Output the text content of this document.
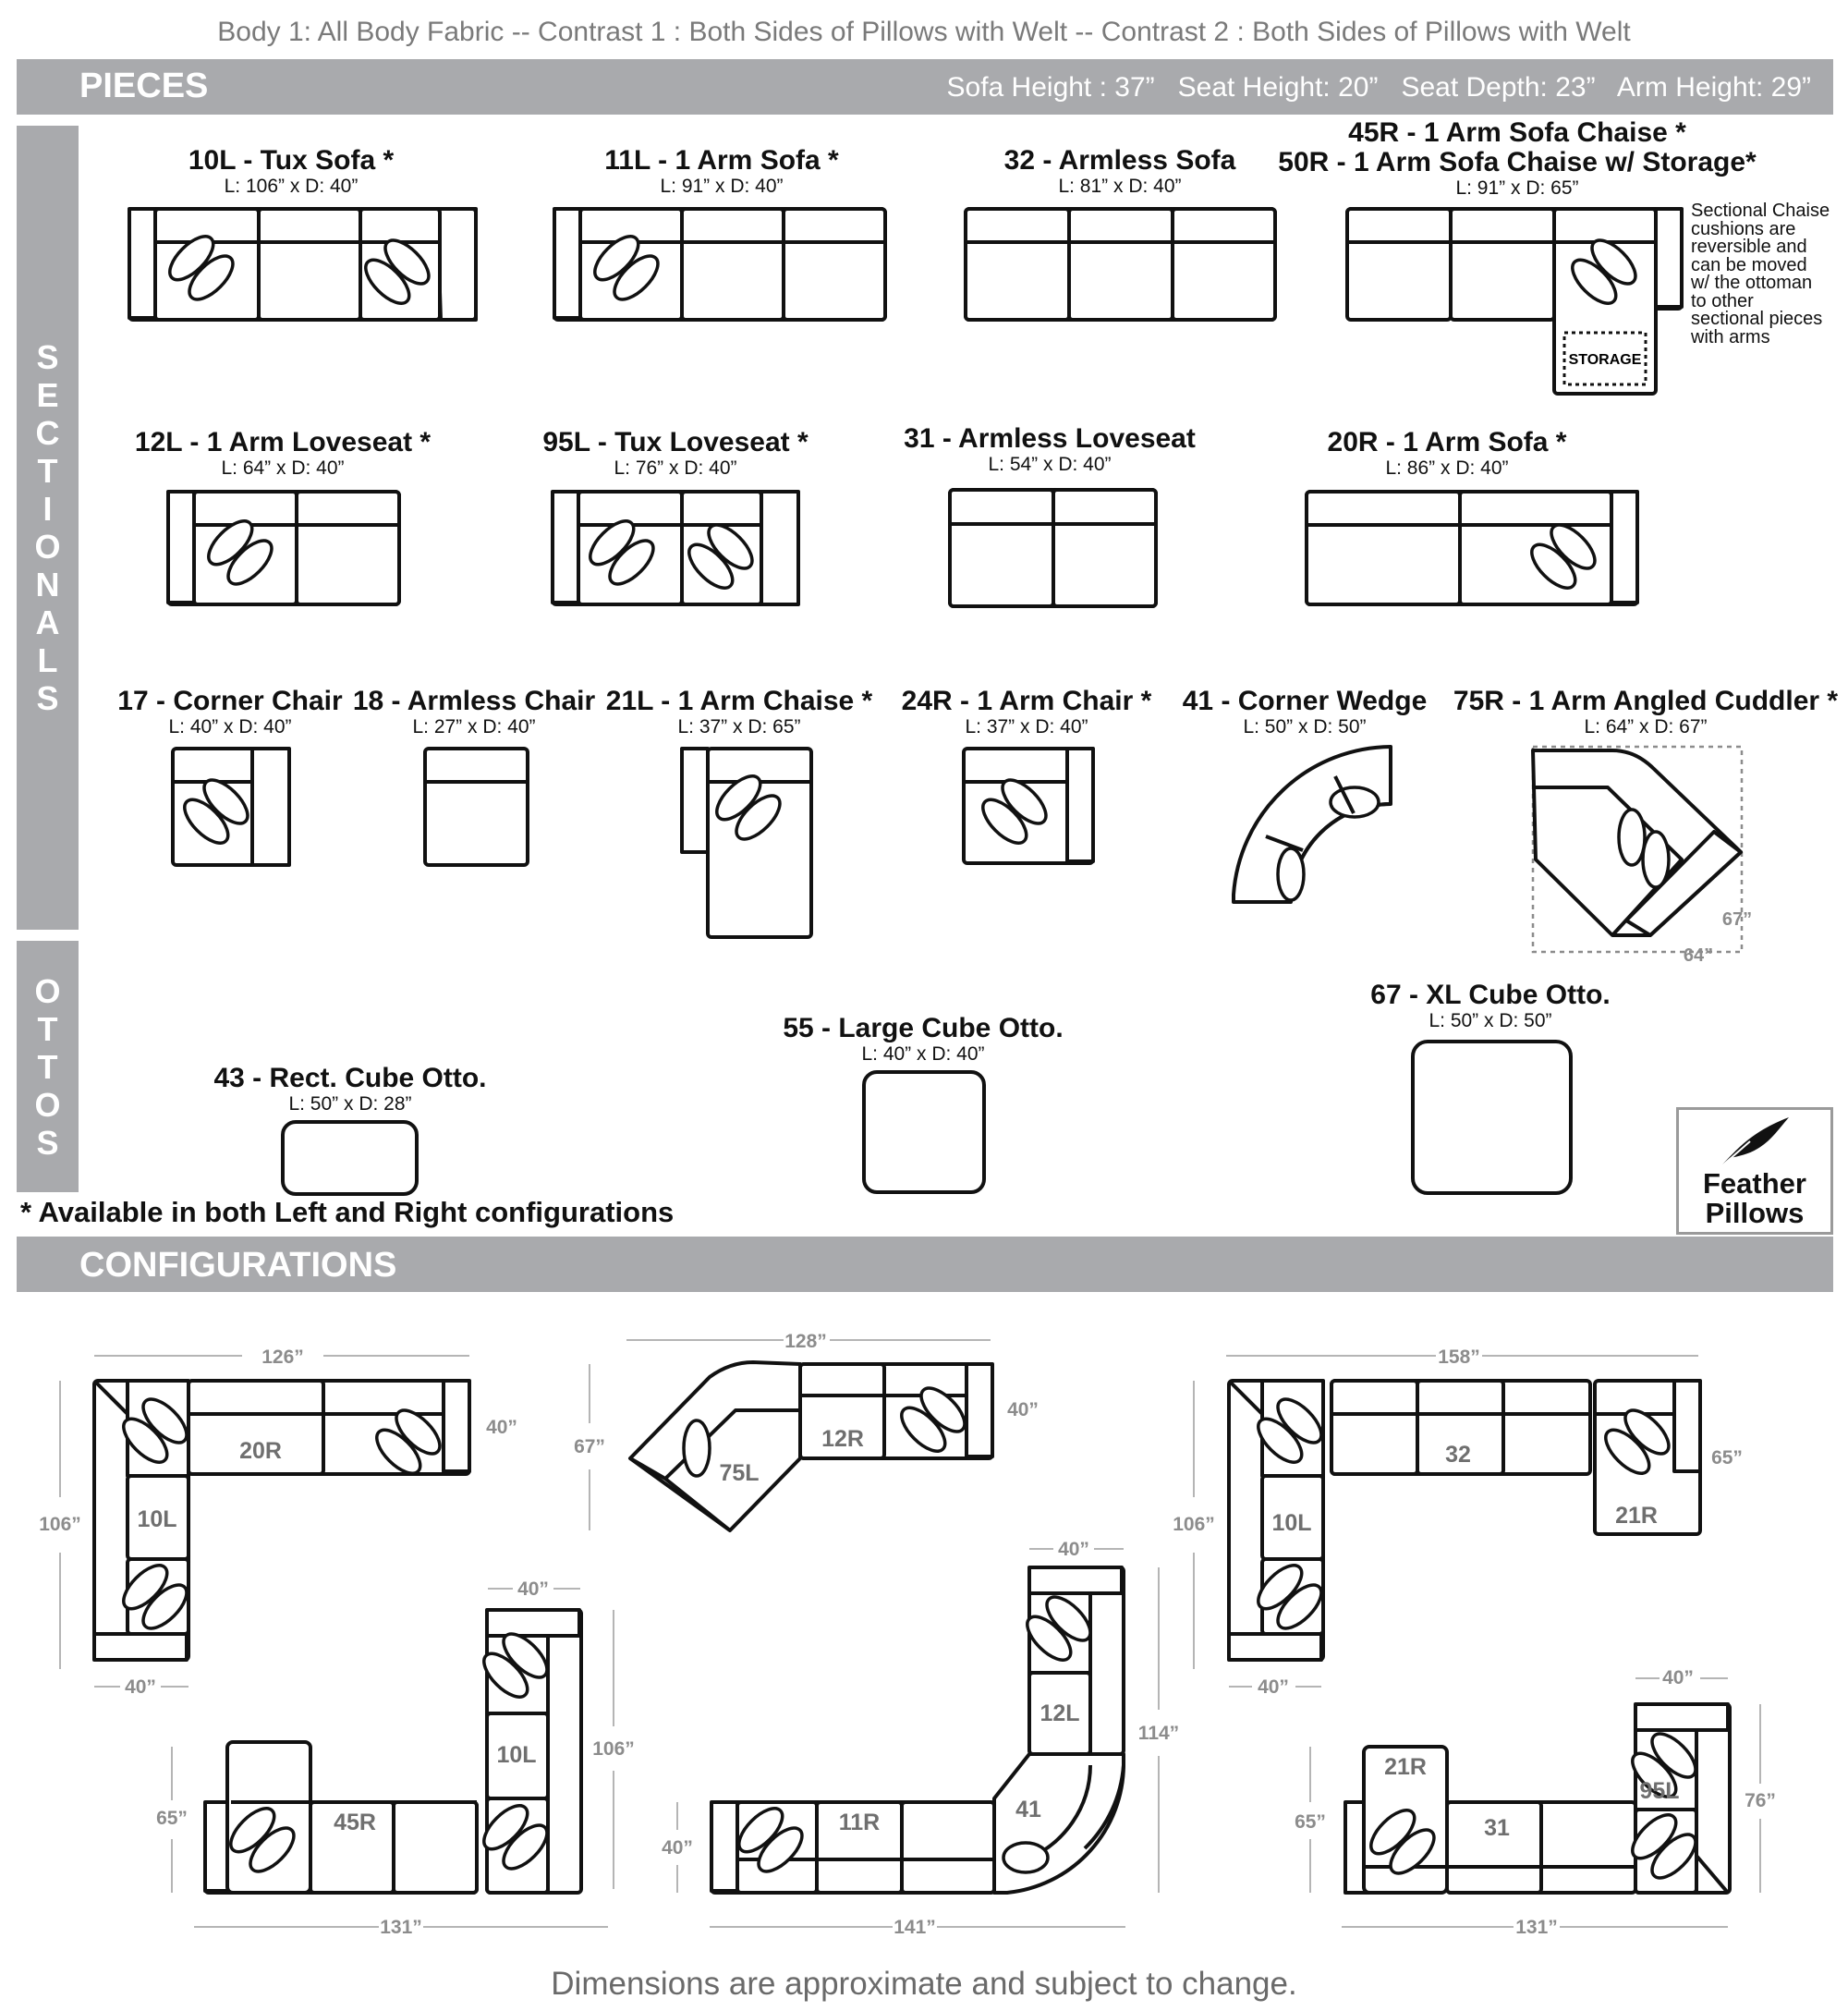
Body 1: All Body Fabric -- Contrast 1 : Both Sides of Pillows with Welt -- Contrast 2 : Both Sides of Pillows with Welt
PIECES	Sofa Height : 37”   Seat Height: 20”   Seat Depth: 23”   Arm Height: 29”
S
E
C
T
I
O
N
A
L
S
O
T
T
O
S
10L - Tux Sofa *
L: 106” x D: 40”
11L - 1 Arm Sofa *
L: 91” x D: 40”
32 - Armless Sofa
L: 81” x D: 40”
45R - 1 Arm Sofa Chaise *
50R - 1 Arm Sofa Chaise w/ Storage*
L: 91” x D: 65”
12L - 1 Arm Loveseat *
L: 64” x D: 40”
95L - Tux Loveseat *
L: 76” x D: 40”
31 - Armless Loveseat
L: 54” x D: 40”
20R - 1 Arm Sofa *
L: 86” x D: 40”
17 - Corner Chair
L: 40” x D: 40”
18 - Armless Chair
L: 27” x D: 40”
21L - 1 Arm Chaise *
L: 37” x D: 65”
24R - 1 Arm Chair *
L: 37” x D: 40”
41 - Corner Wedge
L: 50” x D: 50”
75R - 1 Arm Angled Cuddler *
L: 64” x D: 67”
Sectional Chaise
cushions are
reversible and
can be moved
w/ the ottoman
to other
sectional pieces
with arms
43 - Rect. Cube Otto.
L: 50” x D: 28”
55 - Large Cube Otto.
L: 40” x D: 40”
67 - XL Cube Otto.
L: 50” x D: 50”
Feather
Pillows
* Available in both Left and Right configurations
CONFIGURATIONS
Dimensions are approximate and subject to change.
STORAGE
67”
64”
126”
106”
40”
40”
10L
20R
128”
67”
40”
75L
12R
158”
106”
65”
40”
10L
32
21R
40”
106”
65”
131”
45R
10L
40”
114”
40”
141”
12L
41
11R
40”
76”
65”
131”
21R
31
95L
